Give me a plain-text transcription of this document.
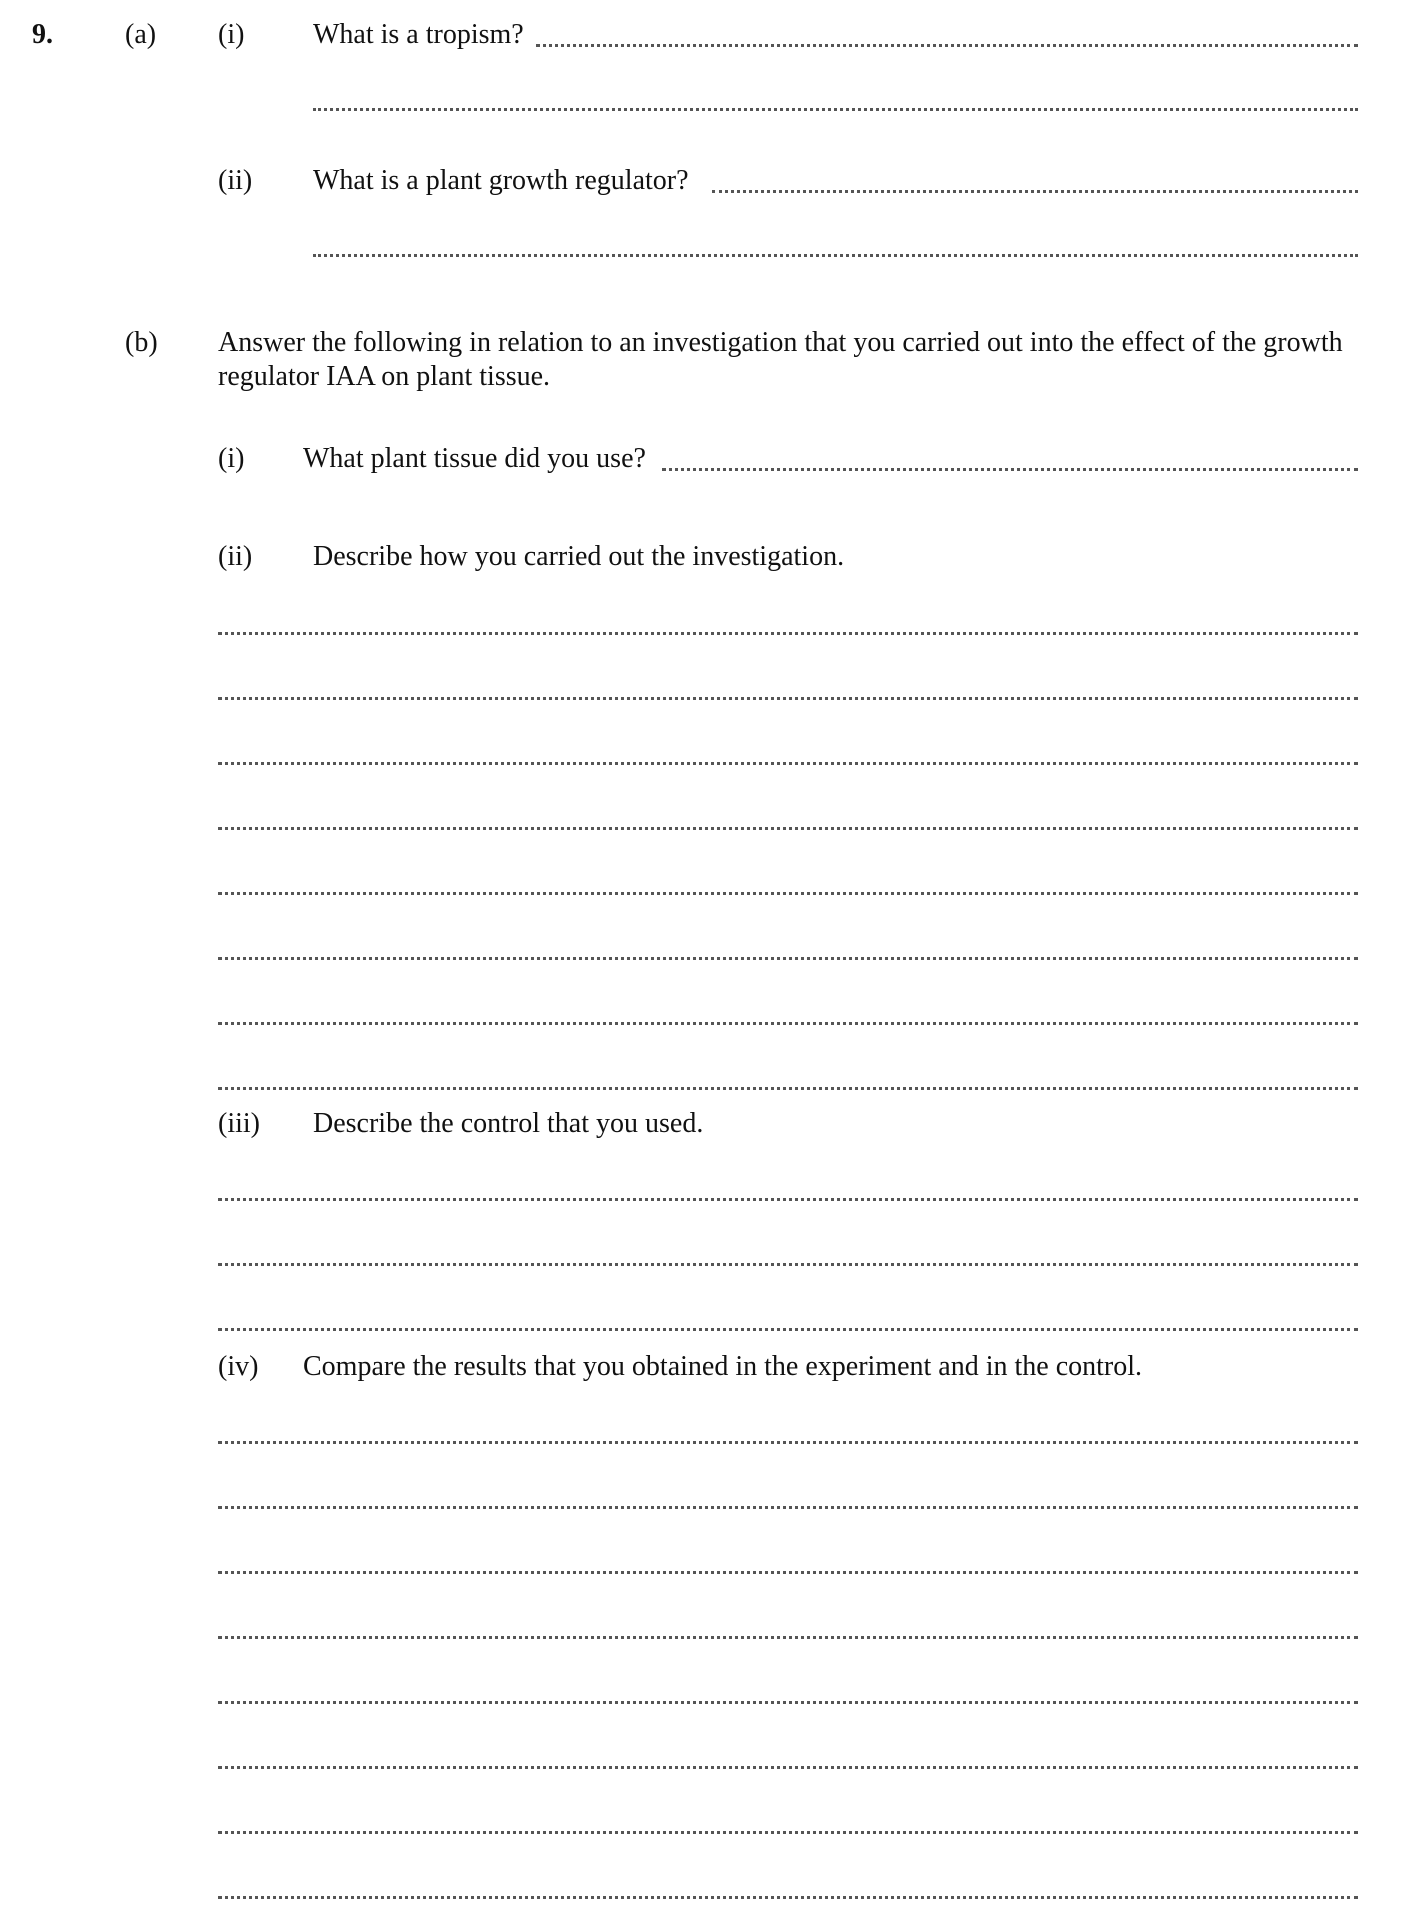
9.	(a) (i) What is a tropism?
(ii) What is a plant growth regulator?
(b) Answer the following in relation to an investigation that you carried out into the effect of the growth
regulator IAA on plant tissue.
(i) What plant tissue did you use?
(ii) Describe how you carried out the investigation.
(iii) Describe the control that you used.
(iv) Compare the results that you obtained in the experiment and in the control.
